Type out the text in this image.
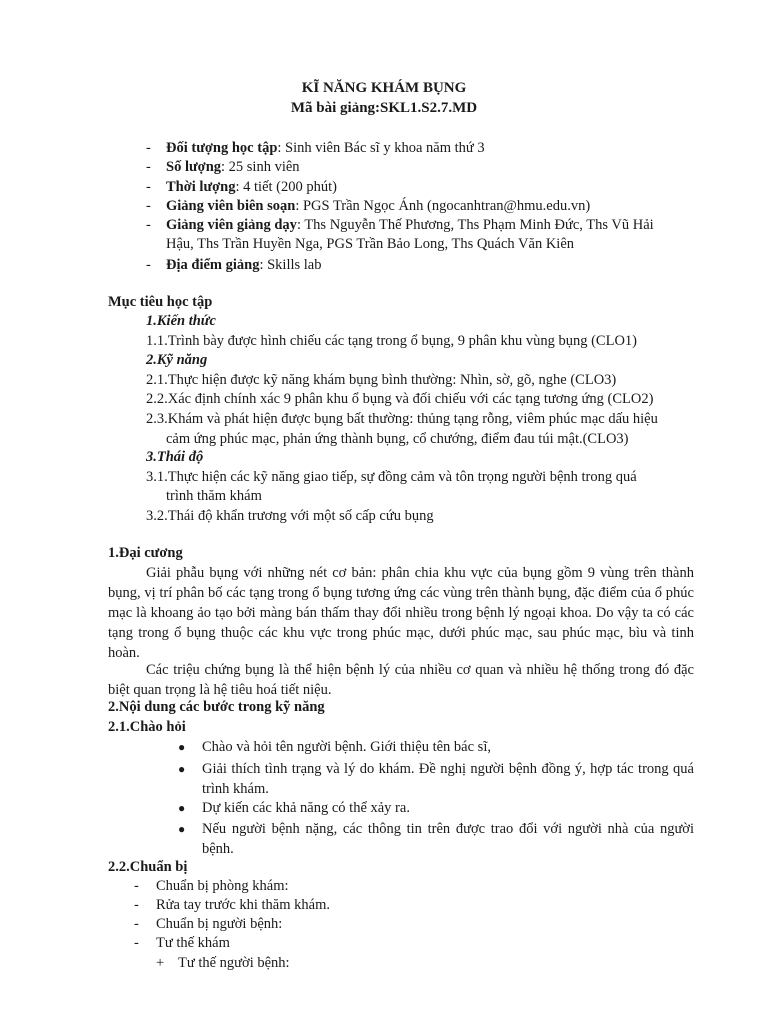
KĨ NĂNG KHÁM BỤNG
Mã bài giảng:SKL1.S2.7.MD
- Đối tượng học tập: Sinh viên Bác sĩ y khoa năm thứ 3
- Số lượng: 25 sinh viên
- Thời lượng: 4 tiết (200 phút)
- Giảng viên biên soạn: PGS Trần Ngọc Ánh (ngocanhtran@hmu.edu.vn)
- Giảng viên giảng dạy: Ths Nguyễn Thế Phương, Ths Phạm Minh Đức, Ths Vũ Hải
Hậu, Ths Trần Huyền Nga, PGS Trần Bảo Long, Ths Quách Văn Kiên
- Địa điểm giảng: Skills lab
Mục tiêu học tập
1.Kiến thức
1.1.Trình bày được hình chiếu các tạng trong ổ bụng, 9 phân khu vùng bụng (CLO1)
2.Kỹ năng
2.1.Thực hiện được kỹ năng khám bụng bình thường: Nhìn, sờ, gõ, nghe (CLO3)
2.2.Xác định chính xác 9 phân khu ổ bụng và đối chiếu với các tạng tương ứng (CLO2)
2.3.Khám và phát hiện được bụng bất thường: thủng tạng rỗng, viêm phúc mạc dấu hiệu
cảm ứng phúc mạc, phản ứng thành bụng, cổ chướng, điểm đau túi mật.(CLO3)
3.Thái độ
3.1.Thực hiện các kỹ năng giao tiếp, sự đồng cảm và tôn trọng người bệnh trong quá
trình thăm khám
3.2.Thái độ khẩn trương với một số cấp cứu bụng
1.Đại cương
Giải phẫu bụng với những nét cơ bản: phân chia khu vực của bụng gồm 9 vùng trên thành bụng, vị trí phân bố các tạng trong ổ bụng tương ứng các vùng trên thành bụng, đặc điểm của ổ phúc mạc là khoang ảo tạo bởi màng bán thấm thay đổi nhiều trong bệnh lý ngoại khoa. Do vậy ta có các tạng trong ổ bụng thuộc các khu vực trong phúc mạc, dưới phúc mạc, sau phúc mạc, bìu và tinh hoàn.
Các triệu chứng bụng là thể hiện bệnh lý của nhiều cơ quan và nhiều hệ thống trong đó đặc biệt quan trọng là hệ tiêu hoá tiết niệu.
2.Nội dung các bước trong kỹ năng
2.1.Chào hỏi
● Chào và hỏi tên người bệnh. Giới thiệu tên bác sĩ,
● Giải thích tình trạng và lý do khám. Đề nghị người bệnh đồng ý, hợp tác trong quá trình khám.
● Dự kiến các khả năng có thể xảy ra.
● Nếu người bệnh nặng, các thông tin trên được trao đổi với người nhà của người bệnh.
2.2.Chuẩn bị
- Chuẩn bị phòng khám:
- Rửa tay trước khi thăm khám.
- Chuẩn bị người bệnh:
- Tư thế khám
+ Tư thế người bệnh:
